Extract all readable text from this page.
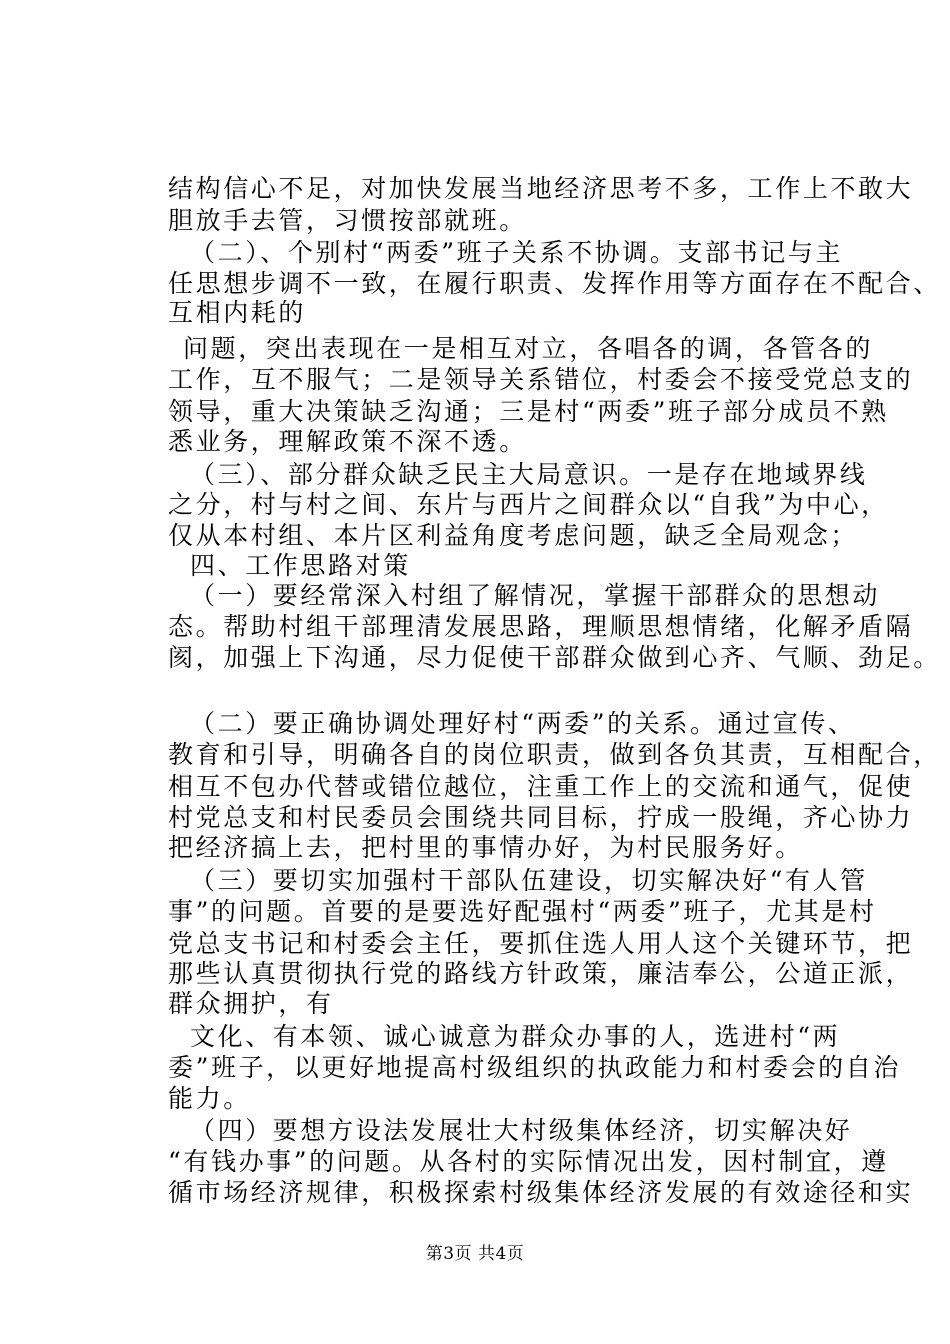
结构信心不足，对加快发展当地经济思考不多，工作上不敢大
胆放手去管，习惯按部就班。
（二）、个别村“两委”班子关系不协调。支部书记与主
任思想步调不一致，在履行职责、发挥作用等方面存在不配合、
互相内耗的
问题，突出表现在一是相互对立，各唱各的调，各管各的
工作，互不服气；二是领导关系错位，村委会不接受党总支的
领导，重大决策缺乏沟通；三是村“两委”班子部分成员不熟
悉业务，理解政策不深不透。
（三）、部分群众缺乏民主大局意识。一是存在地域界线
之分，村与村之间、东片与西片之间群众以“自我”为中心，
仅从本村组、本片区利益角度考虑问题，缺乏全局观念；
四、工作思路对策
（一）要经常深入村组了解情况，掌握干部群众的思想动
态。帮助村组干部理清发展思路，理顺思想情绪，化解矛盾隔
阂，加强上下沟通，尽力促使干部群众做到心齐、气顺、劲足。
（二）要正确协调处理好村“两委”的关系。通过宣传、
教育和引导，明确各自的岗位职责，做到各负其责，互相配合，
相互不包办代替或错位越位，注重工作上的交流和通气，促使
村党总支和村民委员会围绕共同目标，拧成一股绳，齐心协力
把经济搞上去，把村里的事情办好，为村民服务好。
（三）要切实加强村干部队伍建设，切实解决好“有人管
事”的问题。首要的是要选好配强村“两委”班子，尤其是村
党总支书记和村委会主任，要抓住选人用人这个关键环节，把
那些认真贯彻执行党的路线方针政策，廉洁奉公，公道正派，
群众拥护，有
文化、有本领、诚心诚意为群众办事的人，选进村“两
委”班子，以更好地提高村级组织的执政能力和村委会的自治
能力。
（四）要想方设法发展壮大村级集体经济，切实解决好
“有钱办事”的问题。从各村的实际情况出发，因村制宜，遵
循市场经济规律，积极探索村级集体经济发展的有效途径和实
第3页 共4页
